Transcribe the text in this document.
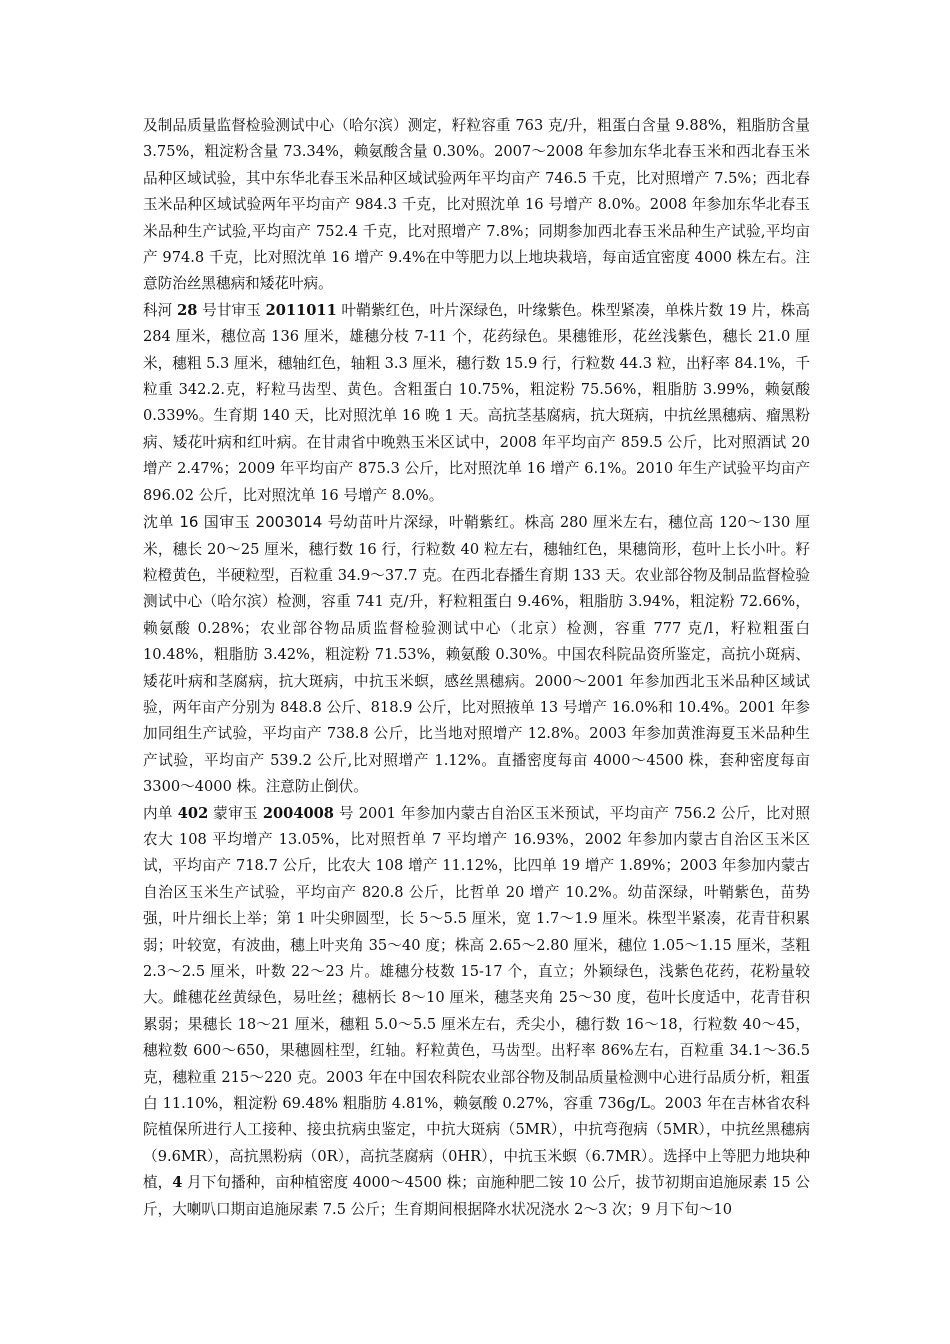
及制品质量监督检验测试中心（哈尔滨）测定，籽粒容重 763 克/升，粗蛋白含量 9.88%，粗脂肪含量 3.75%，粗淀粉含量 73.34%，赖氨酸含量 0.30%。2007～2008 年参加东华北春玉米和西北春玉米品种区域试验，其中东华北春玉米品种区域试验两年平均亩产 746.5 千克，比对照增产 7.5%；西北春玉米品种区域试验两年平均亩产 984.3 千克，比对照沈单 16 号增产 8.0%。2008 年参加东华北春玉米品种生产试验,平均亩产 752.4 千克，比对照增产 7.8%；同期参加西北春玉米品种生产试验,平均亩产 974.8 千克，比对照沈单 16 增产 9.4%在中等肥力以上地块栽培，每亩适宜密度 4000 株左右。注意防治丝黑穗病和矮花叶病。

科河 28 号甘审玉 2011011 叶鞘紫红色，叶片深绿色，叶缘紫色。株型紧凑，单株片数 19 片，株高 284 厘米，穗位高 136 厘米，雄穗分枝 7-11 个，花药绿色。果穗锥形，花丝浅紫色，穗长 21.0 厘米，穗粗 5.3 厘米，穗轴红色，轴粗 3.3 厘米，穗行数 15.9 行，行粒数 44.3 粒，出籽率 84.1%，千粒重 342.2.克，籽粒马齿型、黄色。含粗蛋白 10.75%，粗淀粉 75.56%，粗脂肪 3.99%，赖氨酸 0.339%。生育期 140 天，比对照沈单 16 晚 1 天。高抗茎基腐病，抗大斑病，中抗丝黑穗病、瘤黑粉病、矮花叶病和红叶病。在甘肃省中晚熟玉米区试中，2008 年平均亩产 859.5 公斤，比对照酒试 20 增产 2.47%；2009 年平均亩产 875.3 公斤，比对照沈单 16 增产 6.1%。2010 年生产试验平均亩产 896.02 公斤，比对照沈单 16 号增产 8.0%。

沈单 16 国审玉 2003014 号幼苗叶片深绿，叶鞘紫红。株高 280 厘米左右，穗位高 120～130 厘米，穗长 20～25 厘米，穗行数 16 行，行粒数 40 粒左右，穗轴红色，果穗筒形，苞叶上长小叶。籽粒橙黄色，半硬粒型，百粒重 34.9～37.7 克。在西北春播生育期 133 天。农业部谷物及制品监督检验测试中心（哈尔滨）检测，容重 741 克/升，籽粒粗蛋白 9.46%，粗脂肪 3.94%，粗淀粉 72.66%，赖氨酸 0.28%；农业部谷物品质监督检验测试中心（北京）检测，容重 777 克/l，籽粒粗蛋白 10.48%，粗脂肪 3.42%，粗淀粉 71.53%，赖氨酸 0.30%。中国农科院品资所鉴定，高抗小斑病、矮花叶病和茎腐病，抗大斑病，中抗玉米螟，感丝黑穗病。2000～2001 年参加西北玉米品种区域试验，两年亩产分别为 848.8 公斤、818.9 公斤，比对照掖单 13 号增产 16.0%和 10.4%。2001 年参加同组生产试验，平均亩产 738.8 公斤，比当地对照增产 12.8%。2003 年参加黄淮海夏玉米品种生产试验，平均亩产 539.2 公斤,比对照增产 1.12%。直播密度每亩 4000～4500 株，套种密度每亩 3300～4000 株。注意防止倒伏。

内单 402 蒙审玉 2004008 号 2001 年参加内蒙古自治区玉米预试，平均亩产 756.2 公斤，比对照农大 108 平均增产 13.05%，比对照哲单 7 平均增产 16.93%，2002 年参加内蒙古自治区玉米区试，平均亩产 718.7 公斤，比农大 108 增产 11.12%，比四单 19 增产 1.89%；2003 年参加内蒙古自治区玉米生产试验，平均亩产 820.8 公斤，比哲单 20 增产 10.2%。幼苗深绿，叶鞘紫色，苗势强，叶片细长上举；第 1 叶尖卵圆型，长 5～5.5 厘米，宽 1.7～1.9 厘米。株型半紧凑，花青苷积累弱；叶较宽，有波曲，穗上叶夹角 35～40 度；株高 2.65～2.80 厘米，穗位 1.05～1.15 厘米，茎粗 2.3～2.5 厘米，叶数 22～23 片。雄穗分枝数 15-17 个，直立；外颖绿色，浅紫色花药，花粉量较大。雌穗花丝黄绿色，易吐丝；穗柄长 8～10 厘米，穗茎夹角 25～30 度，苞叶长度适中，花青苷积累弱；果穗长 18～21 厘米，穗粗 5.0～5.5 厘米左右，秃尖小，穗行数 16～18，行粒数 40～45，穗粒数 600～650，果穗圆柱型，红轴。籽粒黄色，马齿型。出籽率 86%左右，百粒重 34.1～36.5 克，穗粒重 215～220 克。2003 年在中国农科院农业部谷物及制品质量检测中心进行品质分析，粗蛋白 11.10%，粗淀粉 69.48% 粗脂肪 4.81%，赖氨酸 0.27%，容重 736g/L。2003 年在吉林省农科院植保所进行人工接种、接虫抗病虫鉴定，中抗大斑病（5MR），中抗弯孢病（5MR），中抗丝黑穗病（9.6MR），高抗黑粉病（0R），高抗茎腐病（0HR），中抗玉米螟（6.7MR）。选择中上等肥力地块种植，4 月下旬播种，亩种植密度 4000～4500 株；亩施种肥二铵 10 公斤，拔节初期亩追施尿素 15 公斤，大喇叭口期亩追施尿素 7.5 公斤；生育期间根据降水状况浇水 2～3 次；9 月下旬～10
